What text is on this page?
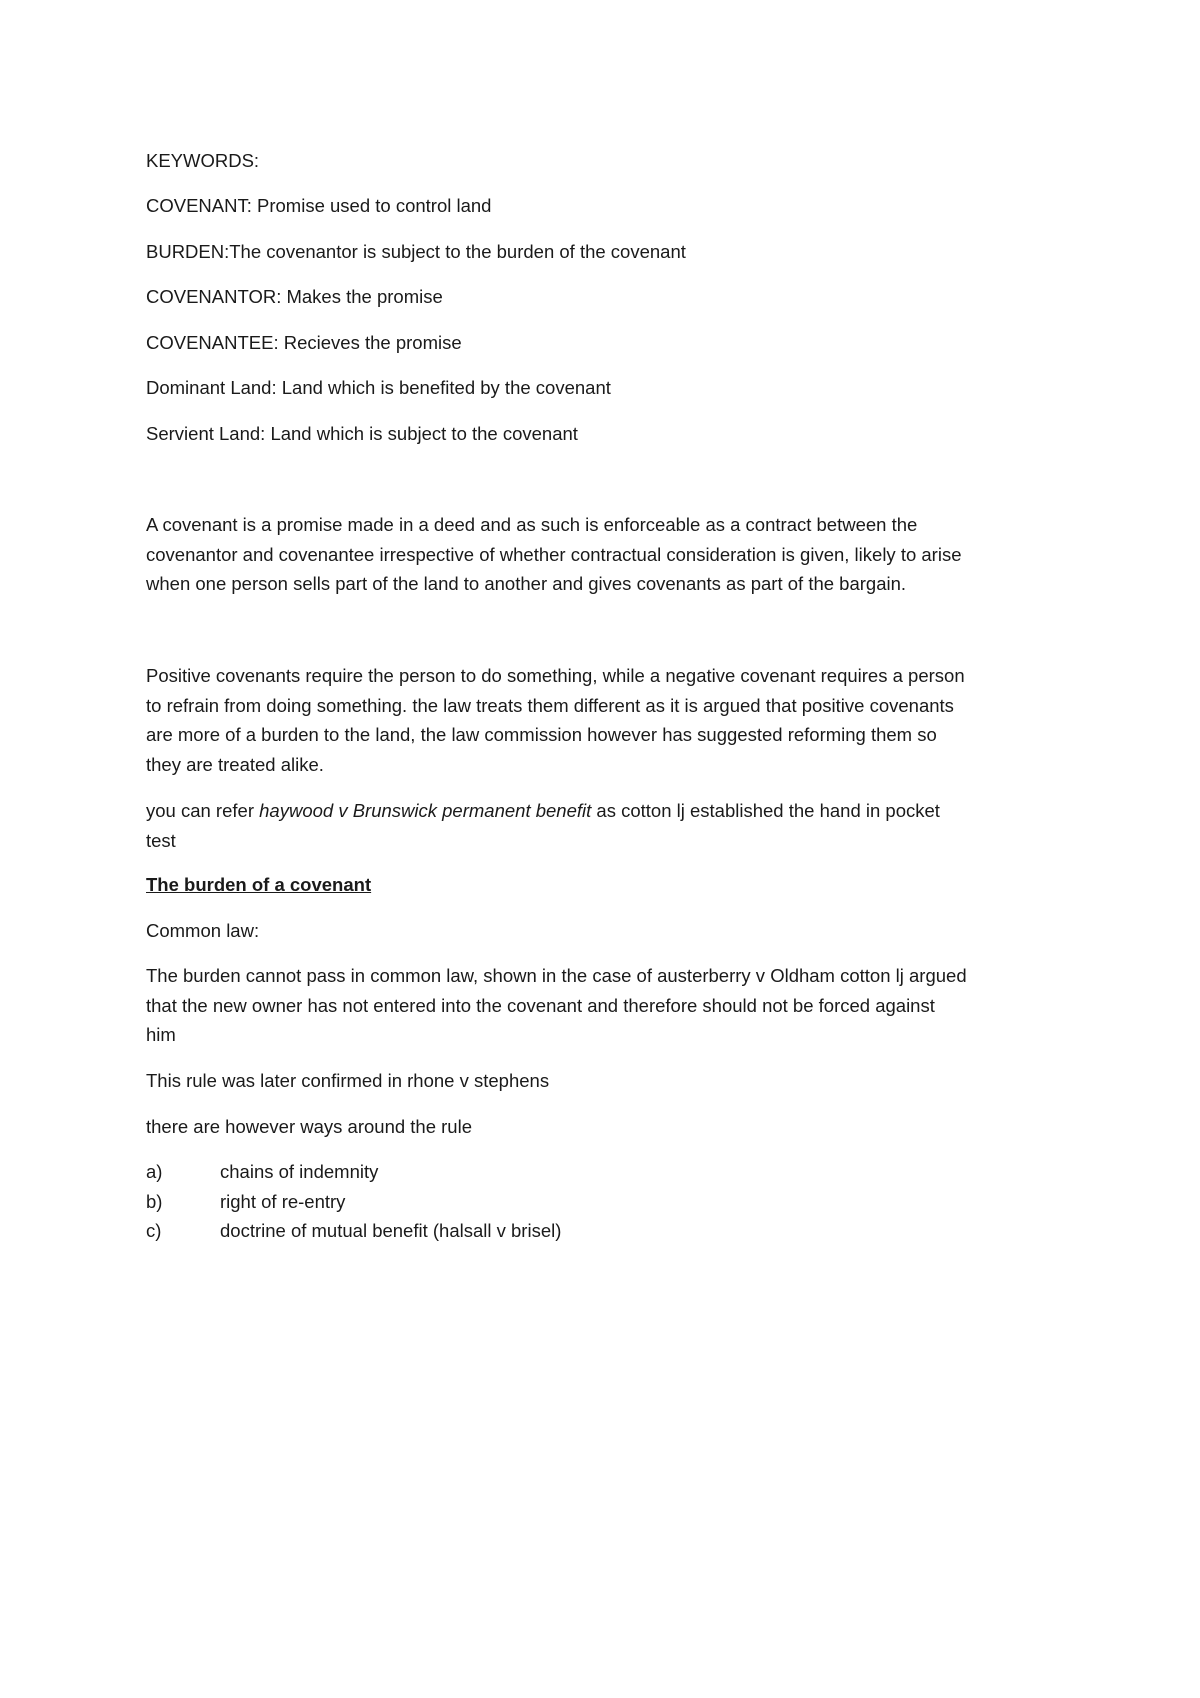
KEYWORDS:
COVENANT: Promise used to control land
BURDEN:The covenantor is subject to the burden of the covenant
COVENANTOR: Makes the promise
COVENANTEE: Recieves the promise
Dominant Land: Land which is benefited by the covenant
Servient Land: Land which is subject to the covenant
A covenant is a promise made in a deed and as such is enforceable as a contract between the
covenantor and covenantee irrespective of whether contractual consideration is given, likely to arise
when one person sells part of the land to another and gives covenants as part of the bargain.
Positive covenants require the person to do something, while a negative covenant requires a person
to refrain from doing something. the law treats them different as it is argued that positive covenants
are more of a burden to the land, the law commission however has suggested reforming them so
they are treated alike.
you can refer haywood v Brunswick permanent benefit as cotton lj established the hand in pocket
test
The burden of a covenant
Common law:
The burden cannot pass in common law, shown in the case of austerberry v Oldham cotton lj argued
that the new owner has not entered into the covenant and therefore should not be forced against
him
This rule was later confirmed in rhone v stephens
there are however ways around the rule
a)	chains of indemnity
b)	right of re-entry
c)	doctrine of mutual benefit (halsall v brisel)
